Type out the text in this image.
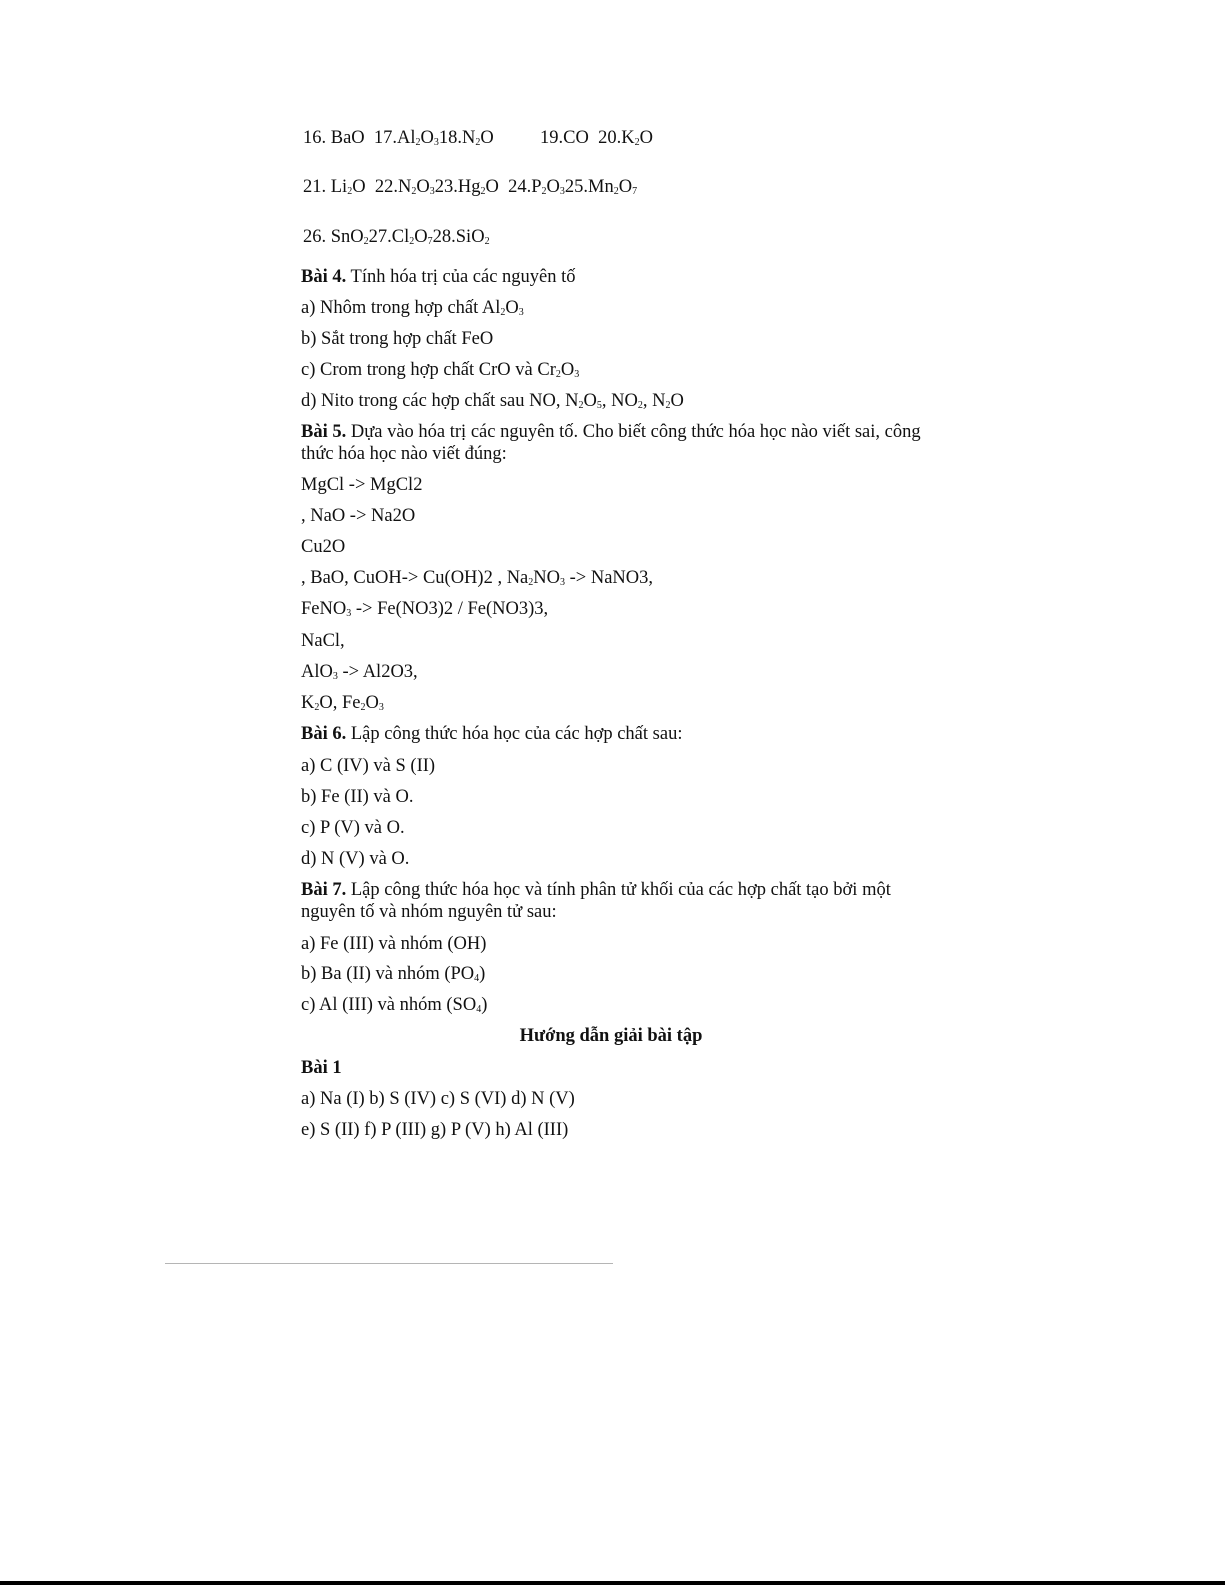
16. BaO $17.Al_2O_318.N_2O$	19.CO $20.K_2O$
21. $Li_2O$ $22.N_2O_323.Hg_2O$ $24.P_2O_325.Mn_2O_7$
26. $SnO_227.Cl_2O_728.SiO_2$
Bài 4. Tính hóa trị của các nguyên tố
a) Nhôm trong hợp chất $Al_2O_3$
b) Sắt trong hợp chất FeO
c) Crom trong hợp chất CrO và $Cr_2O_3$
d) Nito trong các hợp chất sau NO, $N_2O_5$, $NO_2$, $N_2O$
Bài 5. Dựa vào hóa trị các nguyên tố. Cho biết công thức hóa học nào viết sai, công thức hóa học nào viết đúng:
MgCl -> MgCl2
, NaO -> Na2O
Cu2O
, BaO, CuOH-> Cu(OH)2 , $Na_2NO_3$ -> NaNO3,
FeNO$_3$ -> Fe(NO3)2 / Fe(NO3)3,
NaCl,
AlO$_3$ -> Al2O3,
$K_2O$, $Fe_2O_3$
Bài 6. Lập công thức hóa học của các hợp chất sau:
a) C (IV) và S (II)
b) Fe (II) và O.
c) P (V) và O.
d) N (V) và O.
Bài 7. Lập công thức hóa học và tính phân tử khối của các hợp chất tạo bởi một nguyên tố và nhóm nguyên tử sau:
a) Fe (III) và nhóm (OH)
b) Ba (II) và nhóm $(PO_4)$
c) Al (III) và nhóm $(SO_4)$
Hướng dẫn giải bài tập
Bài 1
a) Na (I) b) S (IV) c) S (VI) d) N (V)
e) S (II) f) P (III) g) P (V) h) Al (III)
